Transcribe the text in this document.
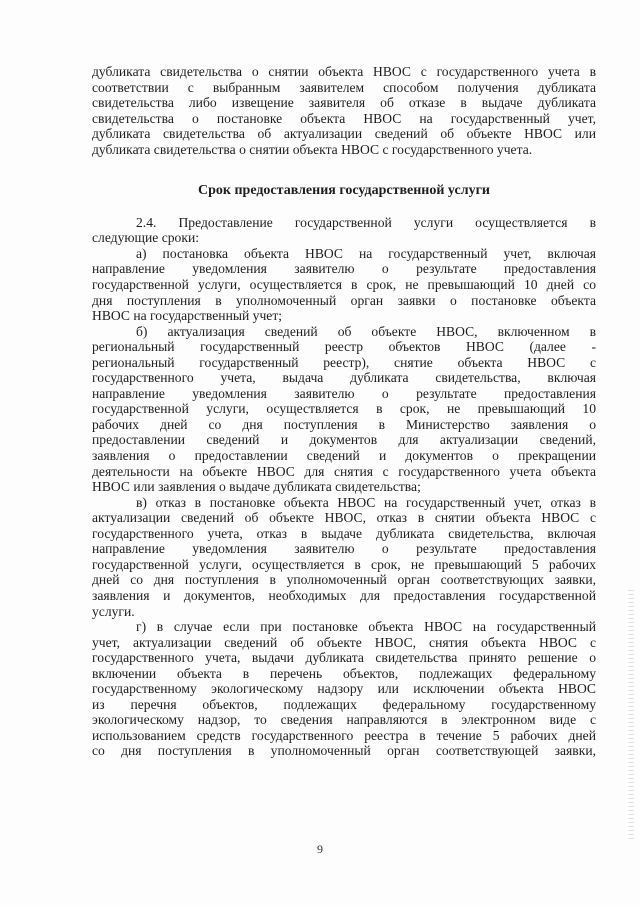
дубликата свидетельства о снятии объекта НВОС с государственного учета в

соответствии с выбранным заявителем способом получения дубликата

свидетельства либо извещение заявителя об отказе в выдаче дубликата

свидетельства о постановке объекта НВОС на государственный учет,

дубликата свидетельства об актуализации сведений об объекте НВОС или

дубликата свидетельства о снятии объекта НВОС с государственного учета.

Срок предоставления государственной услуги

2.4. Предоставление государственной услуги осуществляется в

следующие сроки:

а) постановка объекта НВОС на государственный учет, включая

направление уведомления заявителю о результате предоставления

государственной услуги, осуществляется в срок, не превышающий 10 дней со

дня поступления в уполномоченный орган заявки о постановке объекта

НВОС на государственный учет;

б) актуализация сведений об объекте НВОС, включенном в

региональный государственный реестр объектов НВОС (далее -

региональный государственный реестр), снятие объекта НВОС с

государственного учета, выдача дубликата свидетельства, включая

направление уведомления заявителю о результате предоставления

государственной услуги, осуществляется в срок, не превышающий 10

рабочих дней со дня поступления в Министерство заявления о

предоставлении сведений и документов для актуализации сведений,

заявления о предоставлении сведений и документов о прекращении

деятельности на объекте НВОС для снятия с государственного учета объекта

НВОС или заявления о выдаче дубликата свидетельства;

в) отказ в постановке объекта НВОС на государственный учет, отказ в

актуализации сведений об объекте НВОС, отказ в снятии объекта НВОС с

государственного учета, отказ в выдаче дубликата свидетельства, включая

направление уведомления заявителю о результате предоставления

государственной услуги, осуществляется в срок, не превышающий 5 рабочих

дней со дня поступления в уполномоченный орган соответствующих заявки,

заявления и документов, необходимых для предоставления государственной

услуги.

г) в случае если при постановке объекта НВОС на государственный

учет, актуализации сведений об объекте НВОС, снятия объекта НВОС с

государственного учета, выдачи дубликата свидетельства принято решение о

включении объекта в перечень объектов, подлежащих федеральному

государственному экологическому надзору или исключении объекта НВОС

из перечня объектов, подлежащих федеральному государственному

экологическому надзор, то сведения направляются в электронном виде с

использованием средств государственного реестра в течение 5 рабочих дней

со дня поступления в уполномоченный орган соответствующей заявки,

9
